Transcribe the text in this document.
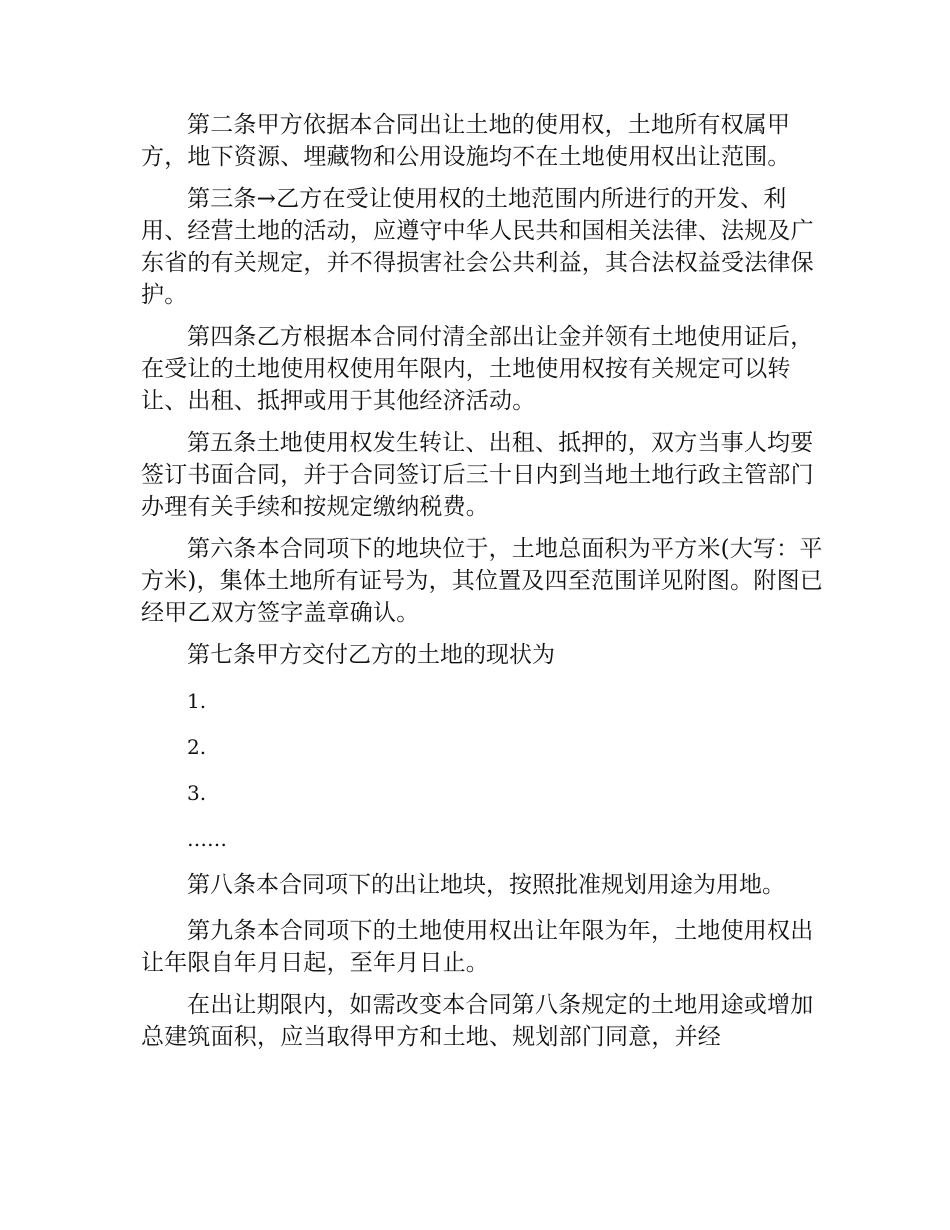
第二条甲方依据本合同出让土地的使用权，土地所有权属甲方，地下资源、埋藏物和公用设施均不在土地使用权出让范围。

第三条→乙方在受让使用权的土地范围内所进行的开发、利用、经营土地的活动，应遵守中华人民共和国相关法律、法规及广东省的有关规定，并不得损害社会公共利益，其合法权益受法律保护。

第四条乙方根据本合同付清全部出让金并领有土地使用证后，在受让的土地使用权使用年限内，土地使用权按有关规定可以转让、出租、抵押或用于其他经济活动。

第五条土地使用权发生转让、出租、抵押的，双方当事人均要签订书面合同，并于合同签订后三十日内到当地土地行政主管部门办理有关手续和按规定缴纳税费。

第六条本合同项下的地块位于，土地总面积为平方米(大写：平方米)，集体土地所有证号为，其位置及四至范围详见附图。附图已经甲乙双方签字盖章确认。

第七条甲方交付乙方的土地的现状为

1.

2.

3.

……

第八条本合同项下的出让地块，按照批准规划用途为用地。

第九条本合同项下的土地使用权出让年限为年，土地使用权出让年限自年月日起，至年月日止。

在出让期限内，如需改变本合同第八条规定的土地用途或增加总建筑面积，应当取得甲方和土地、规划部门同意，并经
